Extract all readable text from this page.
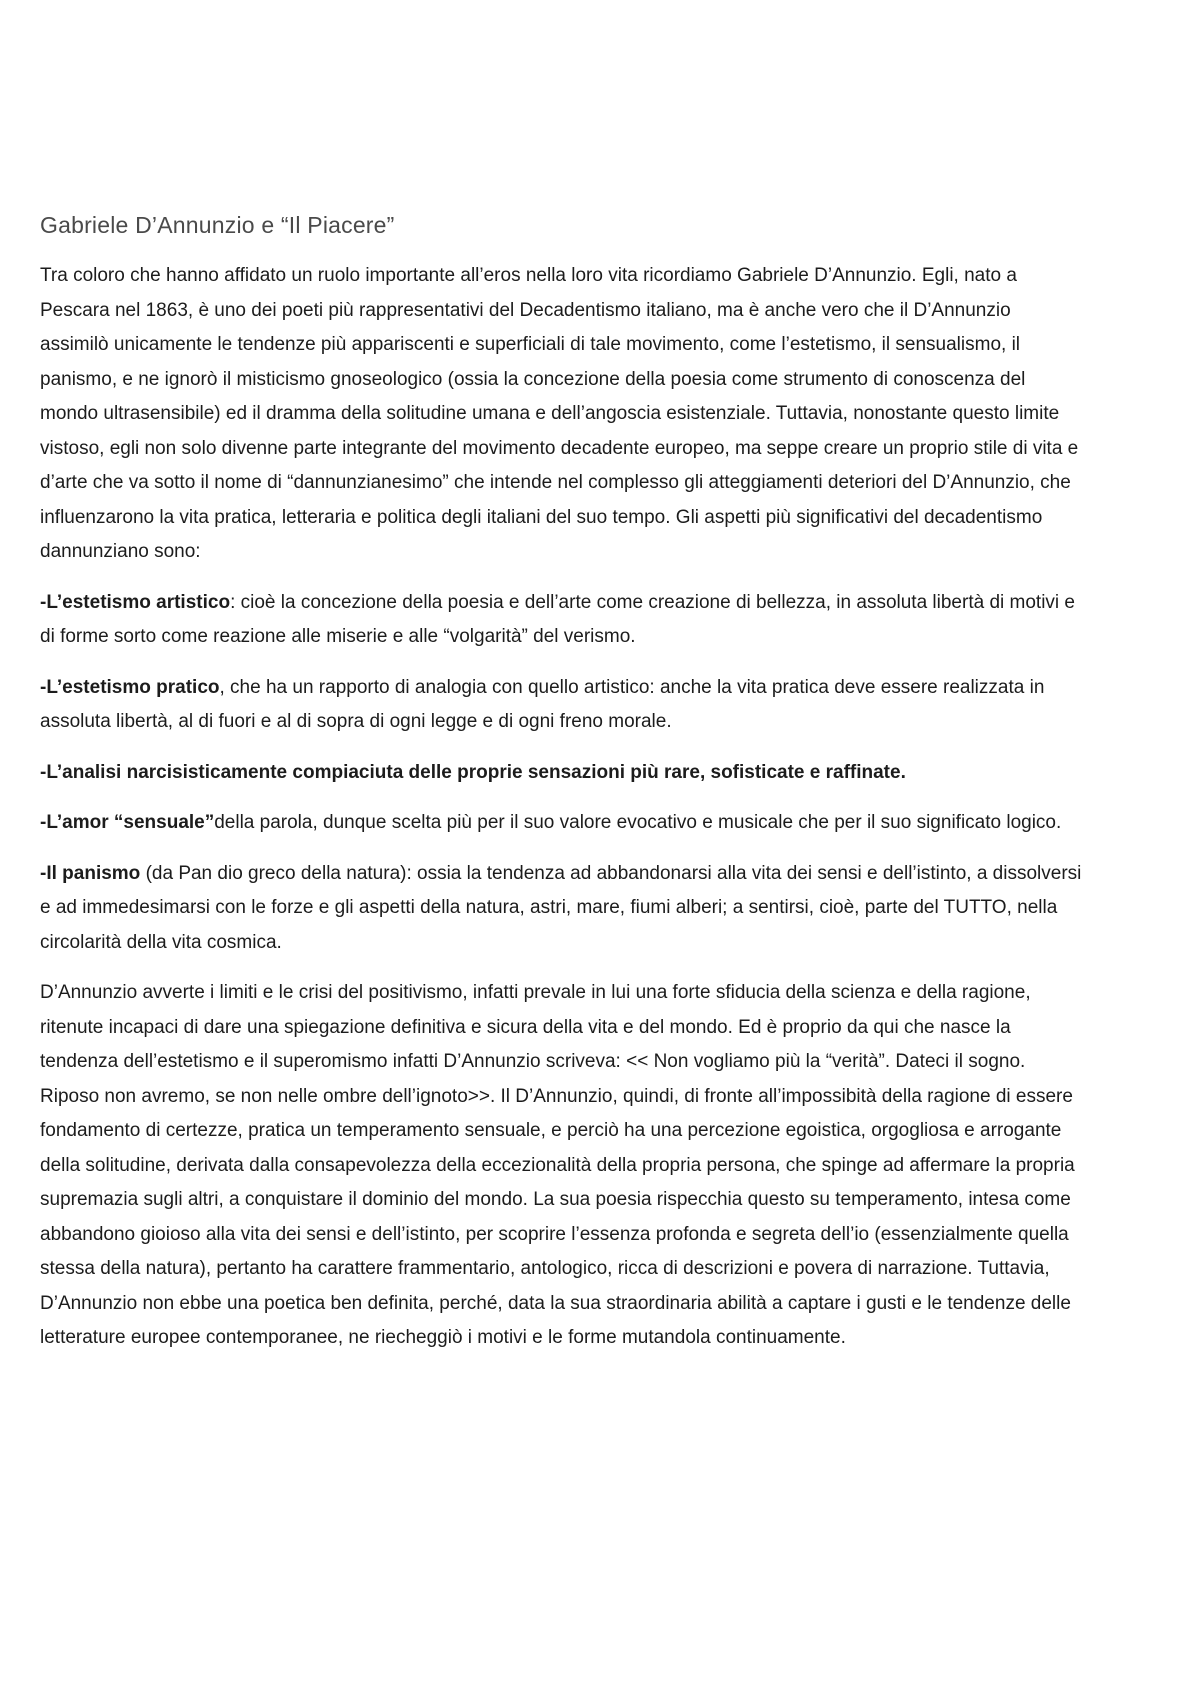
Gabriele D’Annunzio e “Il Piacere”

Tra coloro che hanno affidato un ruolo importante all’eros nella loro vita ricordiamo Gabriele D’Annunzio. Egli, nato a Pescara nel 1863, è uno dei poeti più rappresentativi del Decadentismo italiano, ma è anche vero che il D’Annunzio assimilò unicamente le tendenze più appariscenti e superficiali di tale movimento, come l’estetismo, il sensualismo, il panismo, e ne ignorò il misticismo gnoseologico (ossia la concezione della poesia come strumento di conoscenza del mondo ultrasensibile) ed il dramma della solitudine umana e dell’angoscia esistenziale. Tuttavia, nonostante questo limite vistoso, egli non solo divenne parte integrante del movimento decadente europeo, ma seppe creare un proprio stile di vita e d’arte che va sotto il nome di “dannunzianesimo” che intende nel complesso gli atteggiamenti deteriori del D’Annunzio, che influenzarono la vita pratica, letteraria e politica degli italiani del suo tempo. Gli aspetti più significativi del decadentismo dannunziano sono:

-L’estetismo artistico: cioè la concezione della poesia e dell’arte come creazione di bellezza, in assoluta libertà di motivi e di forme sorto come reazione alle miserie e alle “volgarità” del verismo.

-L’estetismo pratico, che ha un rapporto di analogia con quello artistico: anche la vita pratica deve essere realizzata in assoluta libertà, al di fuori e al di sopra di ogni legge e di ogni freno morale.

-L’analisi narcisisticamente compiaciuta delle proprie sensazioni più rare, sofisticate e raffinate.

-L’amor “sensuale”della parola, dunque scelta più per il suo valore evocativo e musicale che per il suo significato logico.

-Il panismo (da Pan dio greco della natura): ossia la tendenza ad abbandonarsi alla vita dei sensi e dell’istinto, a dissolversi e ad immedesimarsi con le forze e gli aspetti della natura, astri, mare, fiumi alberi; a sentirsi, cioè, parte del TUTTO, nella circolarità della vita cosmica.

D’Annunzio avverte i limiti e le crisi del positivismo, infatti prevale in lui una forte sfiducia della scienza e della ragione, ritenute incapaci di dare una spiegazione definitiva e sicura della vita e del mondo. Ed è proprio da qui che nasce la tendenza dell’estetismo e il superomismo infatti D’Annunzio scriveva: << Non vogliamo più la “verità”. Dateci il sogno. Riposo non avremo, se non nelle ombre dell’ignoto>>. Il D’Annunzio, quindi, di fronte all’impossibità della ragione di essere fondamento di certezze, pratica un temperamento sensuale, e perciò ha una percezione egoistica, orgogliosa e arrogante della solitudine, derivata dalla consapevolezza della eccezionalità della propria persona, che spinge ad affermare la propria supremazia sugli altri, a conquistare il dominio del mondo. La sua poesia rispecchia questo su temperamento, intesa come abbandono gioioso alla vita dei sensi e dell’istinto, per scoprire l’essenza profonda e segreta dell’io (essenzialmente quella stessa della natura), pertanto ha carattere frammentario, antologico, ricca di descrizioni e povera di narrazione. Tuttavia, D’Annunzio non ebbe una poetica ben definita, perché, data la sua straordinaria abilità a captare i gusti e le tendenze delle letterature europee contemporanee, ne riecheggiò i motivi e le forme mutandola continuamente.
